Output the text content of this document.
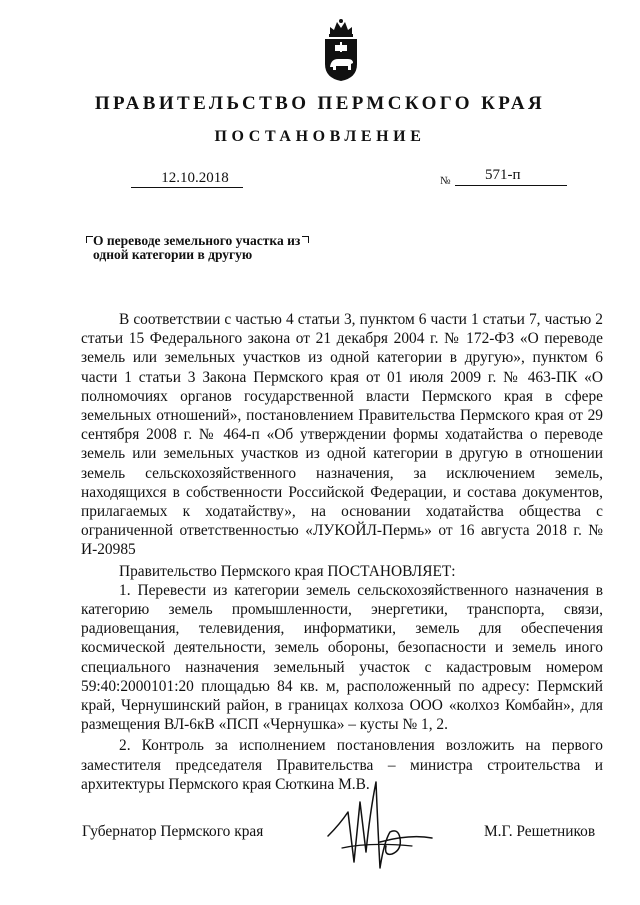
ПРАВИТЕЛЬСТВО ПЕРМСКОГО КРАЯ
ПОСТАНОВЛЕНИЕ
12.10.2018	№ 571-п
О переводе земельного участка из одной категории в другую

В соответствии с частью 4 статьи 3, пунктом 6 части 1 статьи 7, частью 2 статьи 15 Федерального закона от 21 декабря 2004 г. № 172-ФЗ «О переводе земель или земельных участков из одной категории в другую», пунктом 6 части 1 статьи 3 Закона Пермского края от 01 июля 2009 г. № 463-ПК «О полномочиях органов государственной власти Пермского края в сфере земельных отношений», постановлением Правительства Пермского края от 29 сентября 2008 г. № 464-п «Об утверждении формы ходатайства о переводе земель или земельных участков из одной категории в другую в отношении земель сельскохозяйственного назначения, за исключением земель, находящихся в собственности Российской Федерации, и состава документов, прилагаемых к ходатайству», на основании ходатайства общества с ограниченной ответственностью «ЛУКОЙЛ-Пермь» от 16 августа 2018 г. № И-20985

Правительство Пермского края ПОСТАНОВЛЯЕТ:

1. Перевести из категории земель сельскохозяйственного назначения в категорию земель промышленности, энергетики, транспорта, связи, радиовещания, телевидения, информатики, земель для обеспечения космической деятельности, земель обороны, безопасности и земель иного специального назначения земельный участок с кадастровым номером 59:40:2000101:20 площадью 84 кв. м, расположенный по адресу: Пермский край, Чернушинский район, в границах колхоза ООО «колхоз Комбайн», для размещения ВЛ-6кВ «ПСП «Чернушка» – кусты № 1, 2.

2. Контроль за исполнением постановления возложить на первого заместителя председателя Правительства – министра строительства и архитектуры Пермского края Сюткина М.В.

Губернатор Пермского края	М.Г. Решетников
